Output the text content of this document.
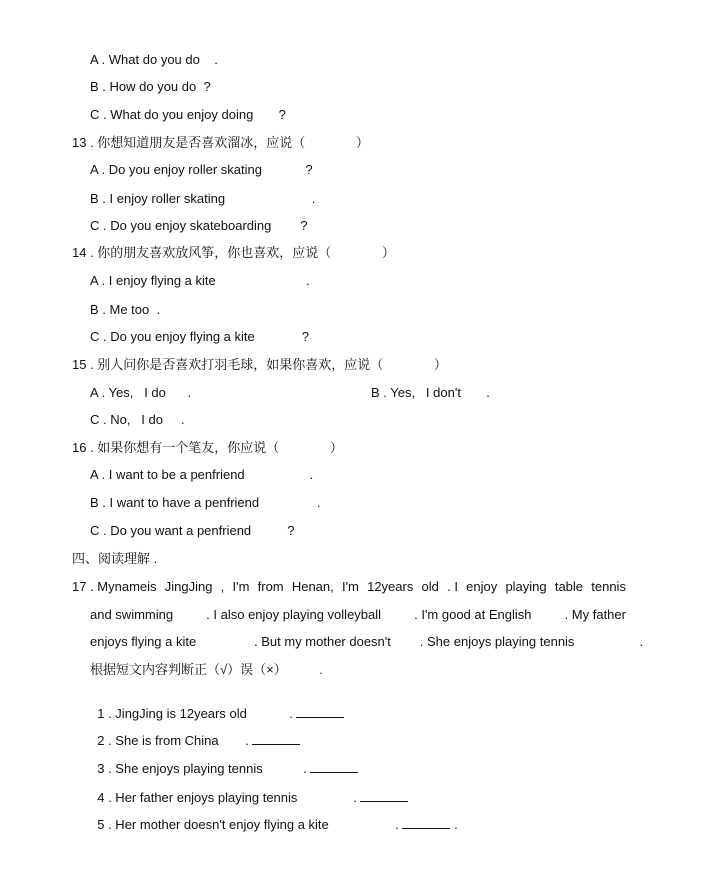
A . What do you do    .
B . How do you do  ?
C . What do you enjoy doing       ?
13 . 你想知道朋友是否喜欢溜冰，应说（              ）
A . Do you enjoy roller skating            ?
B . I enjoy roller skating                        .
C . Do you enjoy skateboarding        ?
14 . 你的朋友喜欢放风筝，你也喜欢，应说（              ）
A . I enjoy flying a kite                         .
B . Me too  .
C . Do you enjoy flying a kite             ?
15 . 别人问你是否喜欢打羽毛球，如果你喜欢，应说（              ）
A . Yes,   I do      .	B . Yes,   I don't       .
C . No,   I do     .
16 . 如果你想有一个笔友，你应说（              ）
A . I want to be a penfriend                  .
B . I want to have a penfriend                .
C . Do you want a penfriend          ?
四、阅读理解 .
17 . Mynameis JingJing , I'm from Henan, I'm 12years old . I enjoy playing table tennis
and swimming	. I also enjoy playing volleyball	. I'm good at English	. My father
enjoys flying a kite                . But my mother doesn't        . She enjoys playing tennis                  .
根据短文内容判断正（√）误（×）         .

1 . JingJing is 12years old	.

2 . She is from China	.

3 . She enjoys playing tennis	.

4 . Her father enjoys playing tennis	.

5 . Her mother doesn't enjoy flying a kite	.	.
